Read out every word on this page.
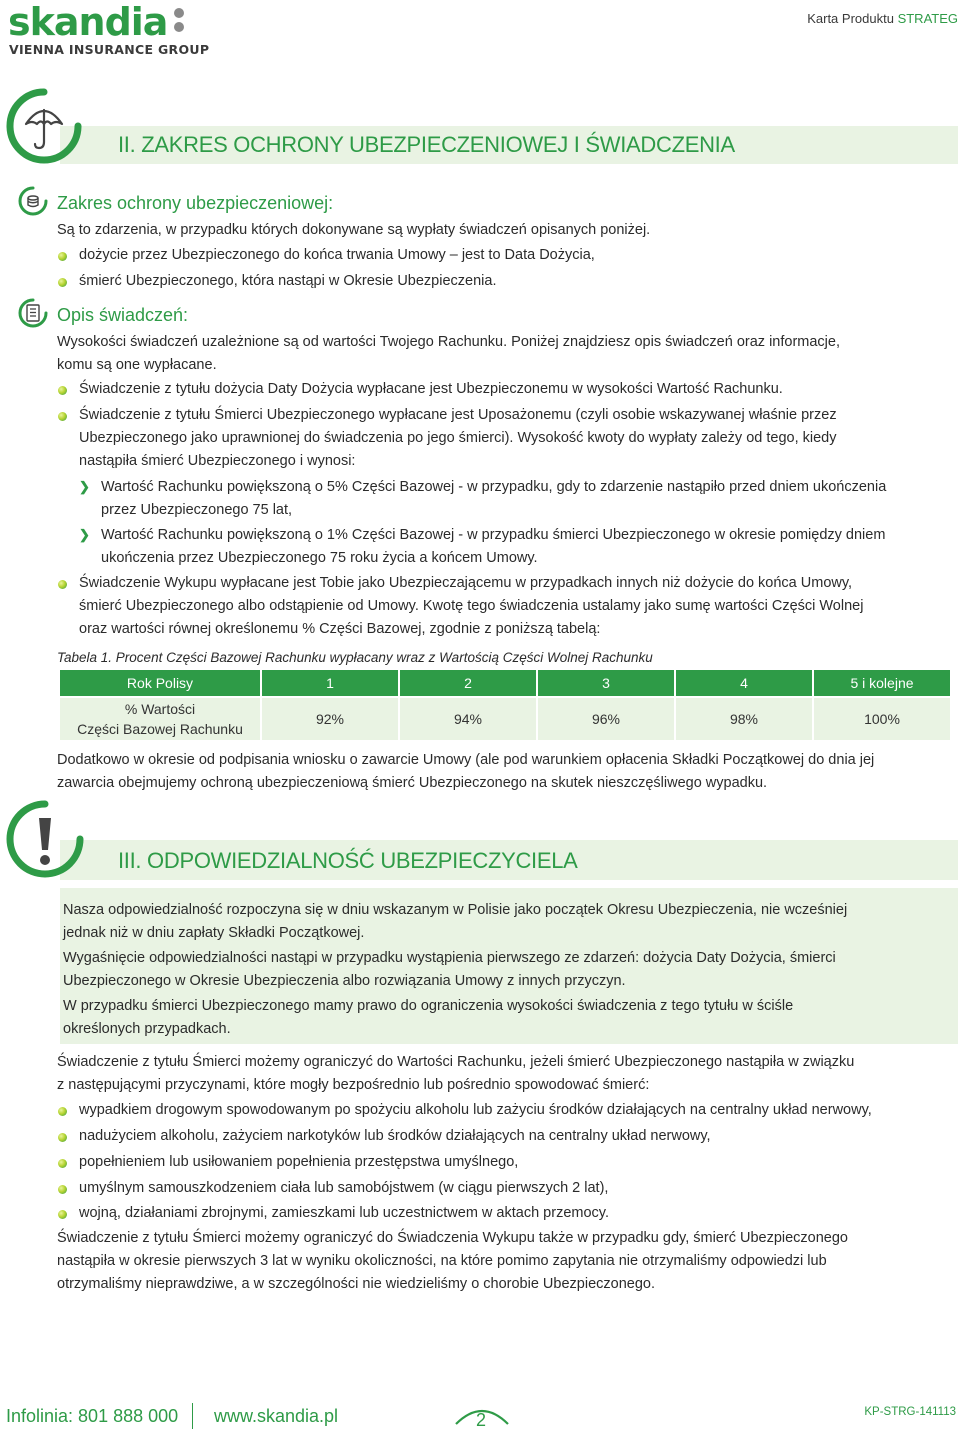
skandia
VIENNA INSURANCE GROUP
Karta Produktu STRATEG
II. ZAKRES OCHRONY UBEZPIECZENIOWEJ I ŚWIADCZENIA
Zakres ochrony ubezpieczeniowej:
Są to zdarzenia, w przypadku których dokonywane są wypłaty świadczeń opisanych poniżej.
dożycie przez Ubezpieczonego do końca trwania Umowy – jest to Data Dożycia,
śmierć Ubezpieczonego, która nastąpi w Okresie Ubezpieczenia.
Opis świadczeń:
Wysokości świadczeń uzależnione są od wartości Twojego Rachunku. Poniżej znajdziesz opis świadczeń oraz informacje,
komu są one wypłacane.
Świadczenie z tytułu dożycia Daty Dożycia wypłacane jest Ubezpieczonemu w wysokości Wartość Rachunku.
Świadczenie z tytułu Śmierci Ubezpieczonego wypłacane jest Uposażonemu (czyli osobie wskazywanej właśnie przez
Ubezpieczonego jako uprawnionej do świadczenia po jego śmierci). Wysokość kwoty do wypłaty zależy od tego, kiedy
nastąpiła śmierć Ubezpieczonego i wynosi:
❯ Wartość Rachunku powiększoną o 5% Części Bazowej - w przypadku, gdy to zdarzenie nastąpiło przed dniem ukończenia
przez Ubezpieczonego 75 lat,
❯ Wartość Rachunku powiększoną o 1% Części Bazowej - w przypadku śmierci Ubezpieczonego w okresie pomiędzy dniem
ukończenia przez Ubezpieczonego 75 roku życia a końcem Umowy.
Świadczenie Wykupu wypłacane jest Tobie jako Ubezpieczającemu w przypadkach innych niż dożycie do końca Umowy,
śmierć Ubezpieczonego albo odstąpienie od Umowy. Kwotę tego świadczenia ustalamy jako sumę wartości Części Wolnej
oraz wartości równej określonemu % Części Bazowej, zgodnie z poniższą tabelą:
Tabela 1. Procent Części Bazowej Rachunku wypłacany wraz z Wartością Części Wolnej Rachunku
Rok Polisy	1	2	3	4	5 i kolejne
% Wartości
Części Bazowej Rachunku	92%	94%	96%	98%	100%
Dodatkowo w okresie od podpisania wniosku o zawarcie Umowy (ale pod warunkiem opłacenia Składki Początkowej do dnia jej
zawarcia obejmujemy ochroną ubezpieczeniową śmierć Ubezpieczonego na skutek nieszczęśliwego wypadku.
III. ODPOWIEDZIALNOŚĆ UBEZPIECZYCIELA
Nasza odpowiedzialność rozpoczyna się w dniu wskazanym w Polisie jako początek Okresu Ubezpieczenia, nie wcześniej
jednak niż w dniu zapłaty Składki Początkowej.
Wygaśnięcie odpowiedzialności nastąpi w przypadku wystąpienia pierwszego ze zdarzeń: dożycia Daty Dożycia, śmierci
Ubezpieczonego w Okresie Ubezpieczenia albo rozwiązania Umowy z innych przyczyn.
W przypadku śmierci Ubezpieczonego mamy prawo do ograniczenia wysokości świadczenia z tego tytułu w ściśle
określonych przypadkach.
Świadczenie z tytułu Śmierci możemy ograniczyć do Wartości Rachunku, jeżeli śmierć Ubezpieczonego nastąpiła w związku
z następującymi przyczynami, które mogły bezpośrednio lub pośrednio spowodować śmierć:
wypadkiem drogowym spowodowanym po spożyciu alkoholu lub zażyciu środków działających na centralny układ nerwowy,
nadużyciem alkoholu, zażyciem narkotyków lub środków działających na centralny układ nerwowy,
popełnieniem lub usiłowaniem popełnienia przestępstwa umyślnego,
umyślnym samouszkodzeniem ciała lub samobójstwem (w ciągu pierwszych 2 lat),
wojną, działaniami zbrojnymi, zamieszkami lub uczestnictwem w aktach przemocy.
Świadczenie z tytułu Śmierci możemy ograniczyć do Świadczenia Wykupu także w przypadku gdy, śmierć Ubezpieczonego
nastąpiła w okresie pierwszych 3 lat w wyniku okoliczności, na które pomimo zapytania nie otrzymaliśmy odpowiedzi lub
otrzymaliśmy nieprawdziwe, a w szczególności nie wiedzieliśmy o chorobie Ubezpieczonego.
Infolinia: 801 888 000 www.skandia.pl	2	KP-STRG-141113
